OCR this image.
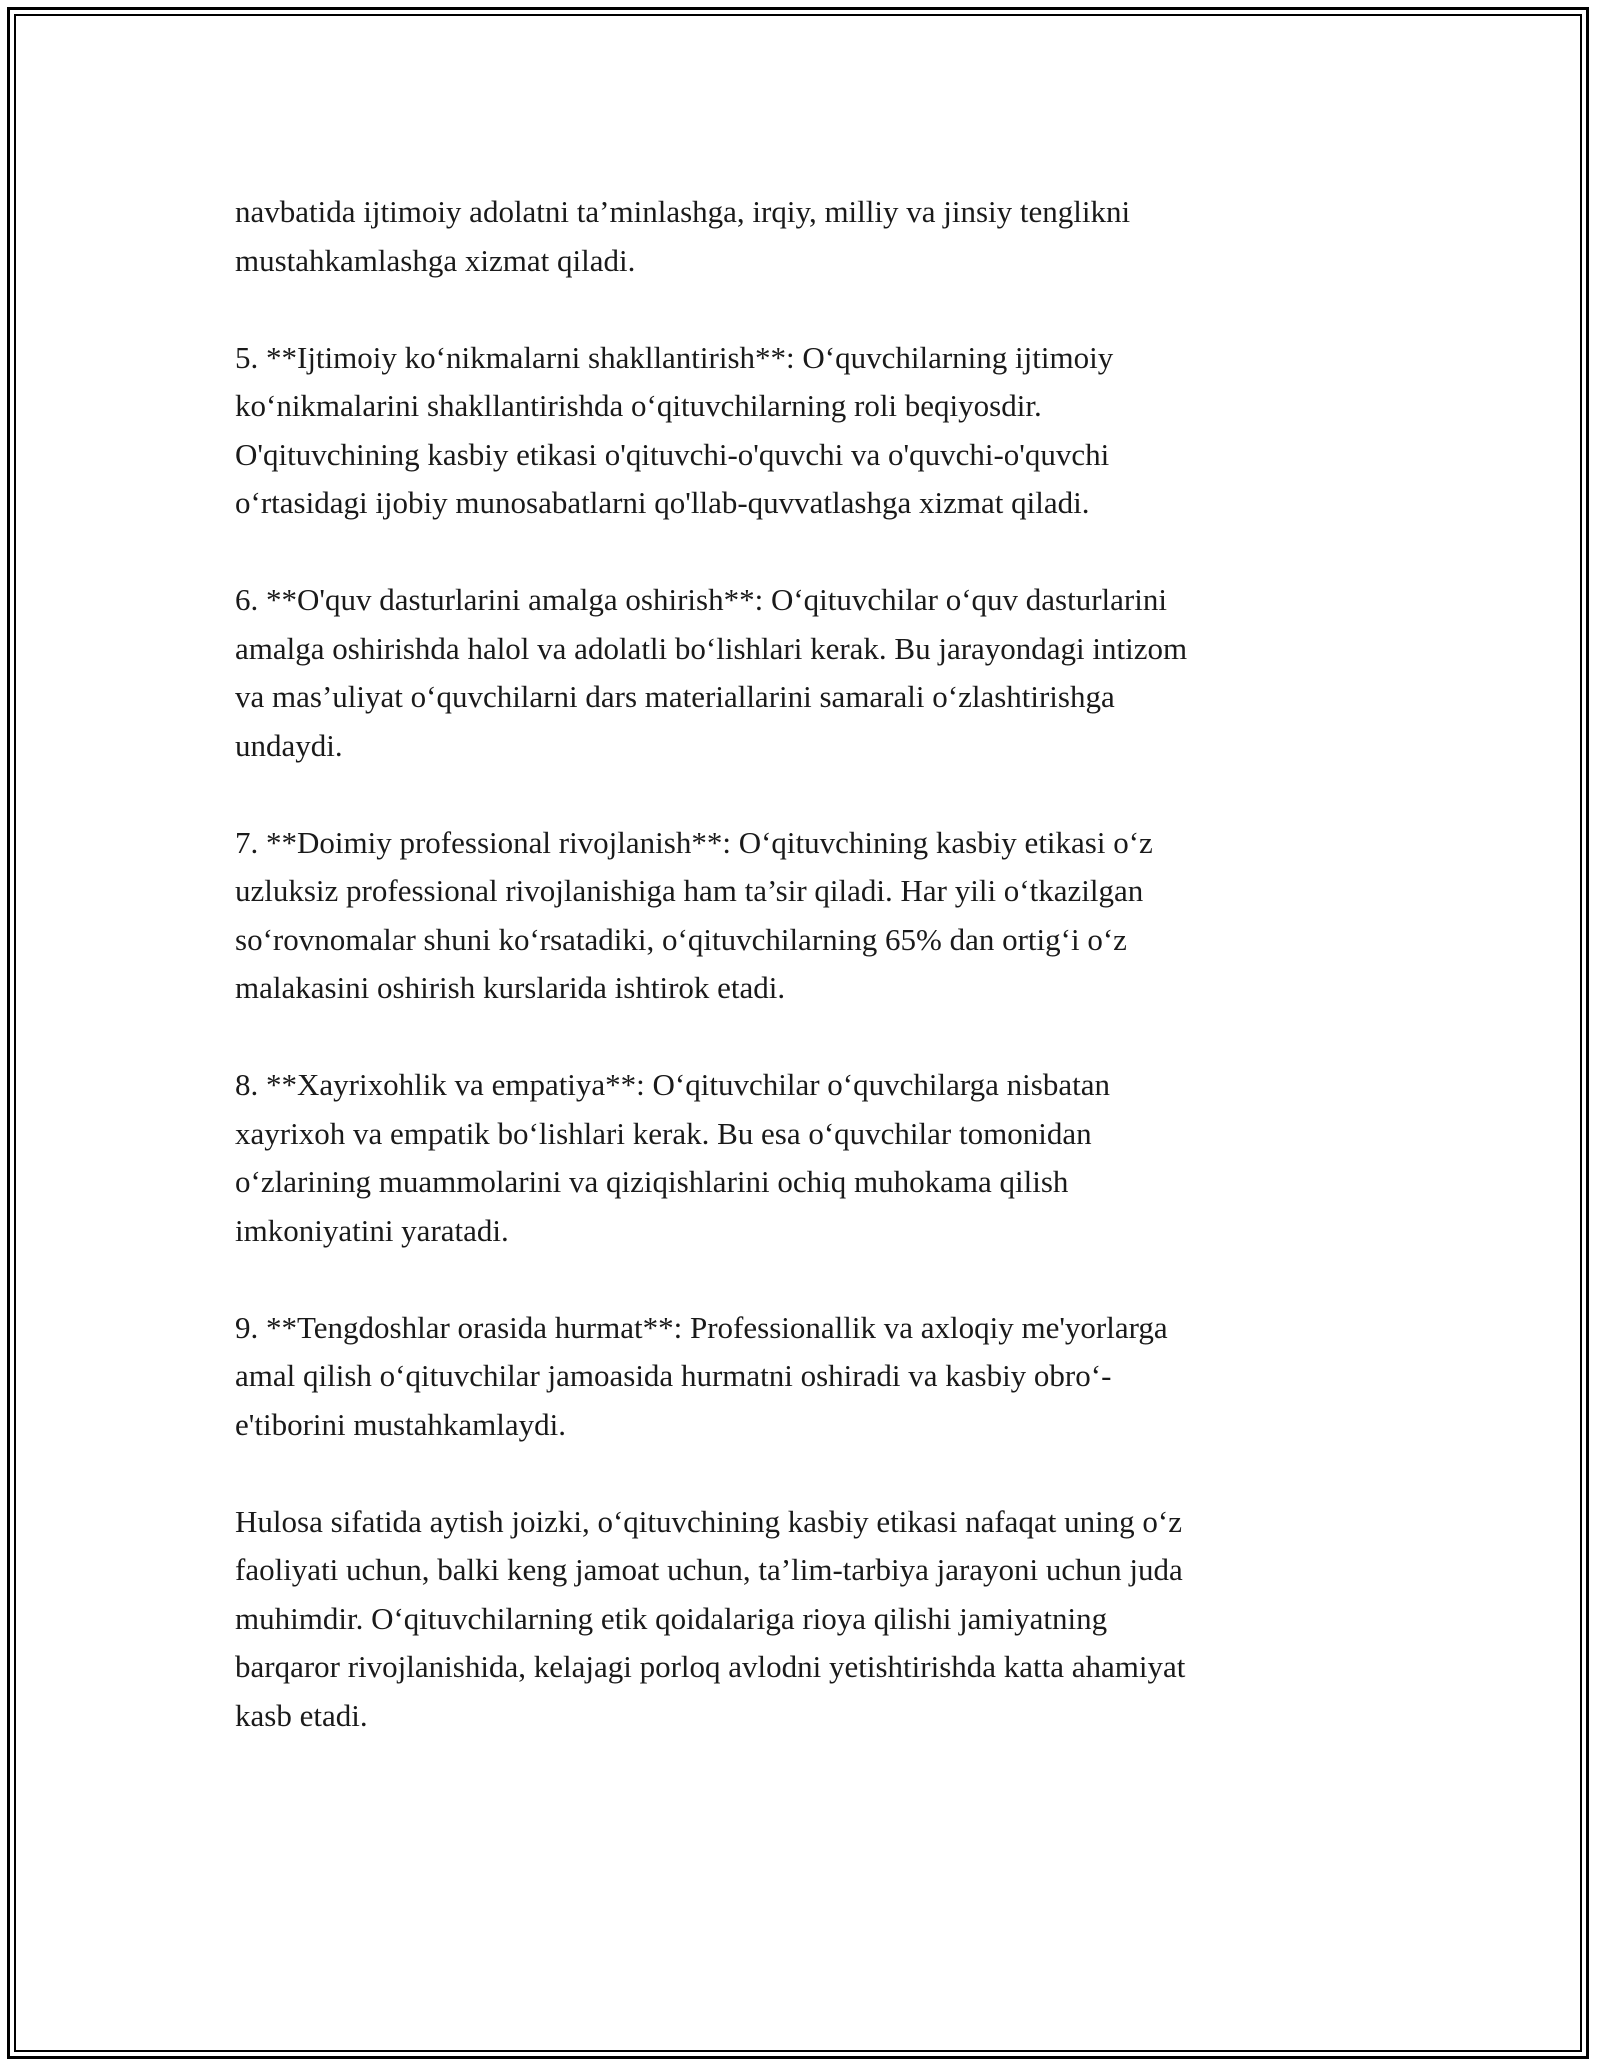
navbatida ijtimoiy adolatni ta’minlashga, irqiy, milliy va jinsiy tenglikni
mustahkamlashga xizmat qiladi.

5. **Ijtimoiy ko‘nikmalarni shakllantirish**: O‘quvchilarning ijtimoiy
ko‘nikmalarini shakllantirishda o‘qituvchilarning roli beqiyosdir.
O'qituvchining kasbiy etikasi o'qituvchi-o'quvchi va o'quvchi-o'quvchi
o‘rtasidagi ijobiy munosabatlarni qo'llab-quvvatlashga xizmat qiladi.

6. **O'quv dasturlarini amalga oshirish**: O‘qituvchilar o‘quv dasturlarini
amalga oshirishda halol va adolatli bo‘lishlari kerak. Bu jarayondagi intizom
va mas’uliyat o‘quvchilarni dars materiallarini samarali o‘zlashtirishga
undaydi.

7. **Doimiy professional rivojlanish**: O‘qituvchining kasbiy etikasi o‘z
uzluksiz professional rivojlanishiga ham ta’sir qiladi. Har yili o‘tkazilgan
so‘rovnomalar shuni ko‘rsatadiki, o‘qituvchilarning 65% dan ortig‘i o‘z
malakasini oshirish kurslarida ishtirok etadi.

8. **Xayrixohlik va empatiya**: O‘qituvchilar o‘quvchilarga nisbatan
xayrixoh va empatik bo‘lishlari kerak. Bu esa o‘quvchilar tomonidan
o‘zlarining muammolarini va qiziqishlarini ochiq muhokama qilish
imkoniyatini yaratadi.

9. **Tengdoshlar orasida hurmat**: Professionallik va axloqiy me'yorlarga
amal qilish o‘qituvchilar jamoasida hurmatni oshiradi va kasbiy obro‘-
e'tiborini mustahkamlaydi.

Hulosa sifatida aytish joizki, o‘qituvchining kasbiy etikasi nafaqat uning o‘z
faoliyati uchun, balki keng jamoat uchun, ta’lim-tarbiya jarayoni uchun juda
muhimdir. O‘qituvchilarning etik qoidalariga rioya qilishi jamiyatning
barqaror rivojlanishida, kelajagi porloq avlodni yetishtirishda katta ahamiyat
kasb etadi.
